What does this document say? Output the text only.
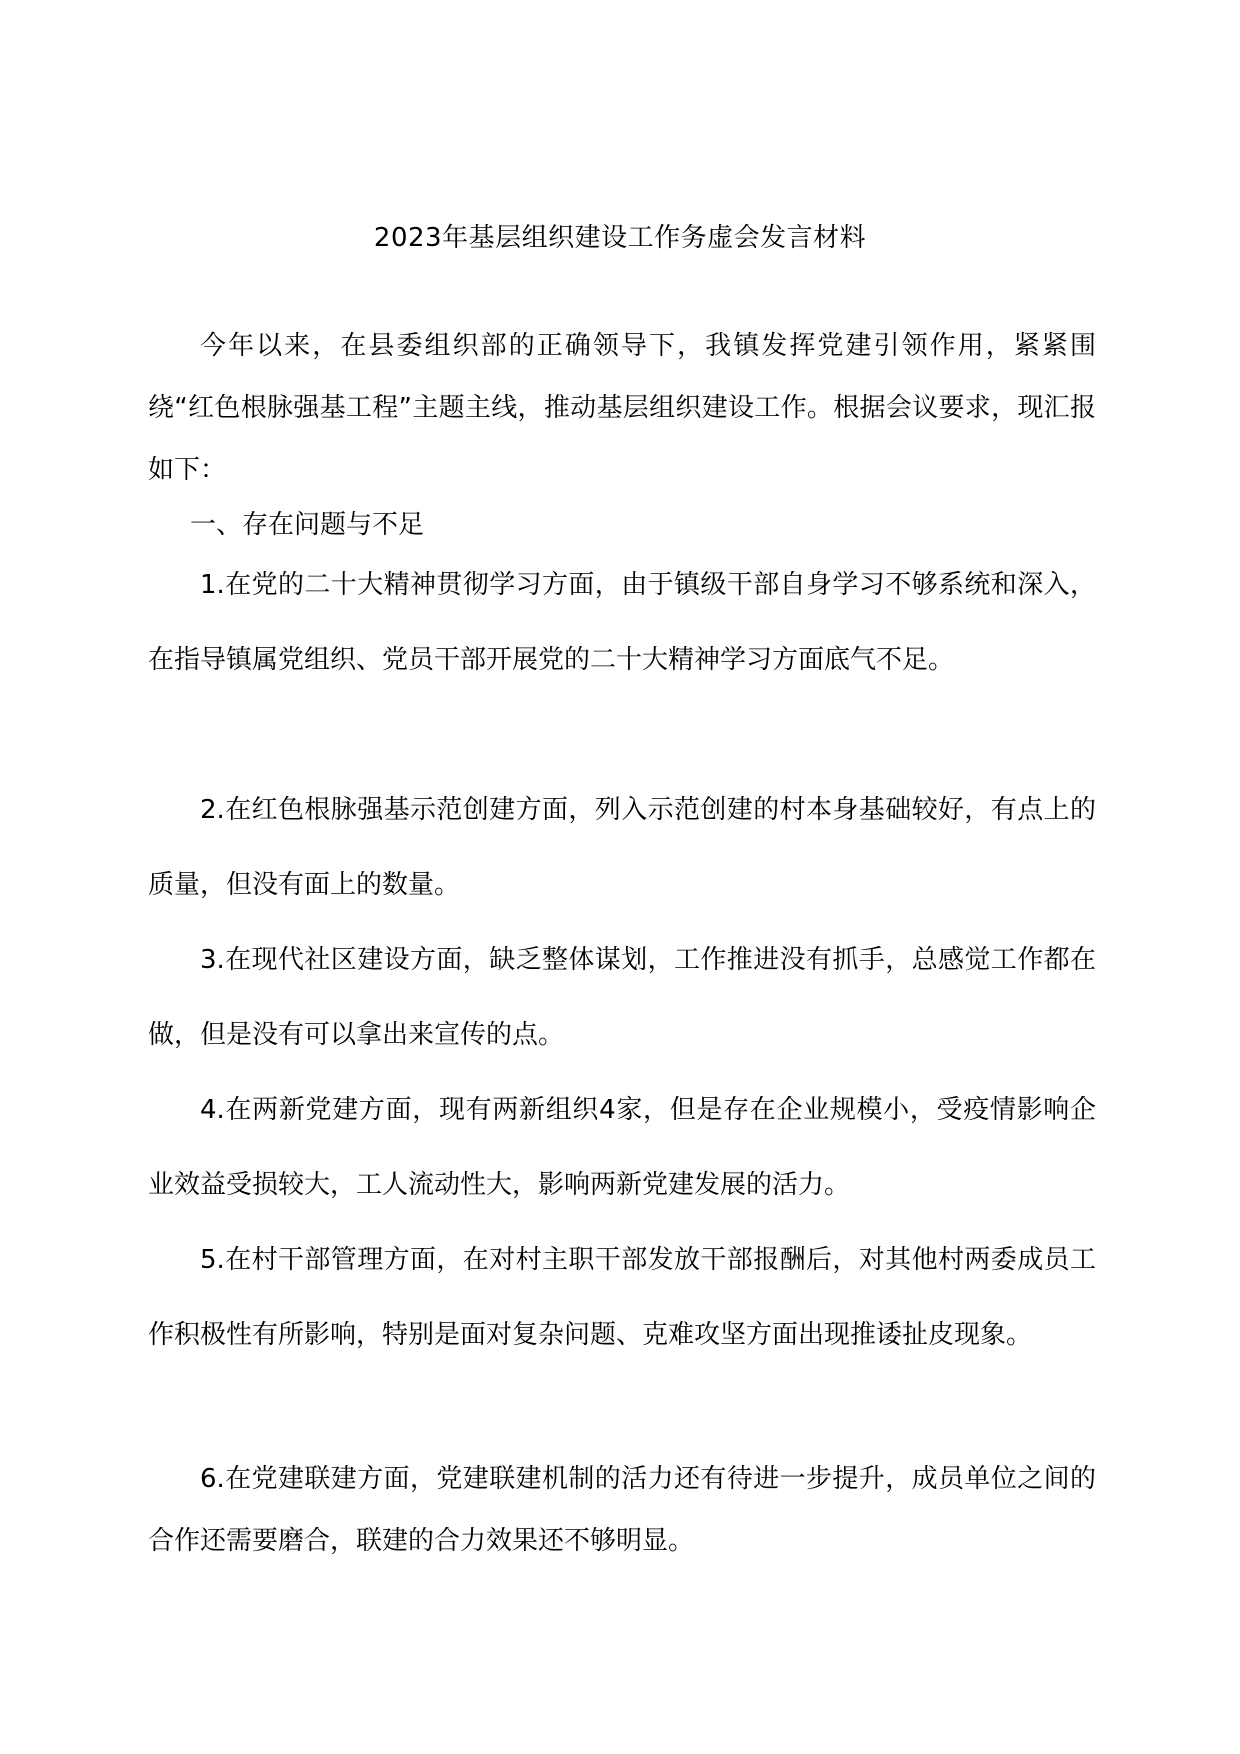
2023年基层组织建设工作务虚会发言材料

今年以来，在县委组织部的正确领导下，我镇发挥党建引领作用，紧紧围绕“红色根脉强基工程”主题主线，推动基层组织建设工作。根据会议要求，现汇报如下：

一、存在问题与不足

1.在党的二十大精神贯彻学习方面，由于镇级干部自身学习不够系统和深入，在指导镇属党组织、党员干部开展党的二十大精神学习方面底气不足。

2.在红色根脉强基示范创建方面，列入示范创建的村本身基础较好，有点上的质量，但没有面上的数量。

3.在现代社区建设方面，缺乏整体谋划，工作推进没有抓手，总感觉工作都在做，但是没有可以拿出来宣传的点。

4.在两新党建方面，现有两新组织4家，但是存在企业规模小，受疫情影响企业效益受损较大，工人流动性大，影响两新党建发展的活力。

5.在村干部管理方面，在对村主职干部发放干部报酬后，对其他村两委成员工作积极性有所影响，特别是面对复杂问题、克难攻坚方面出现推诿扯皮现象。

6.在党建联建方面，党建联建机制的活力还有待进一步提升，成员单位之间的合作还需要磨合，联建的合力效果还不够明显。
